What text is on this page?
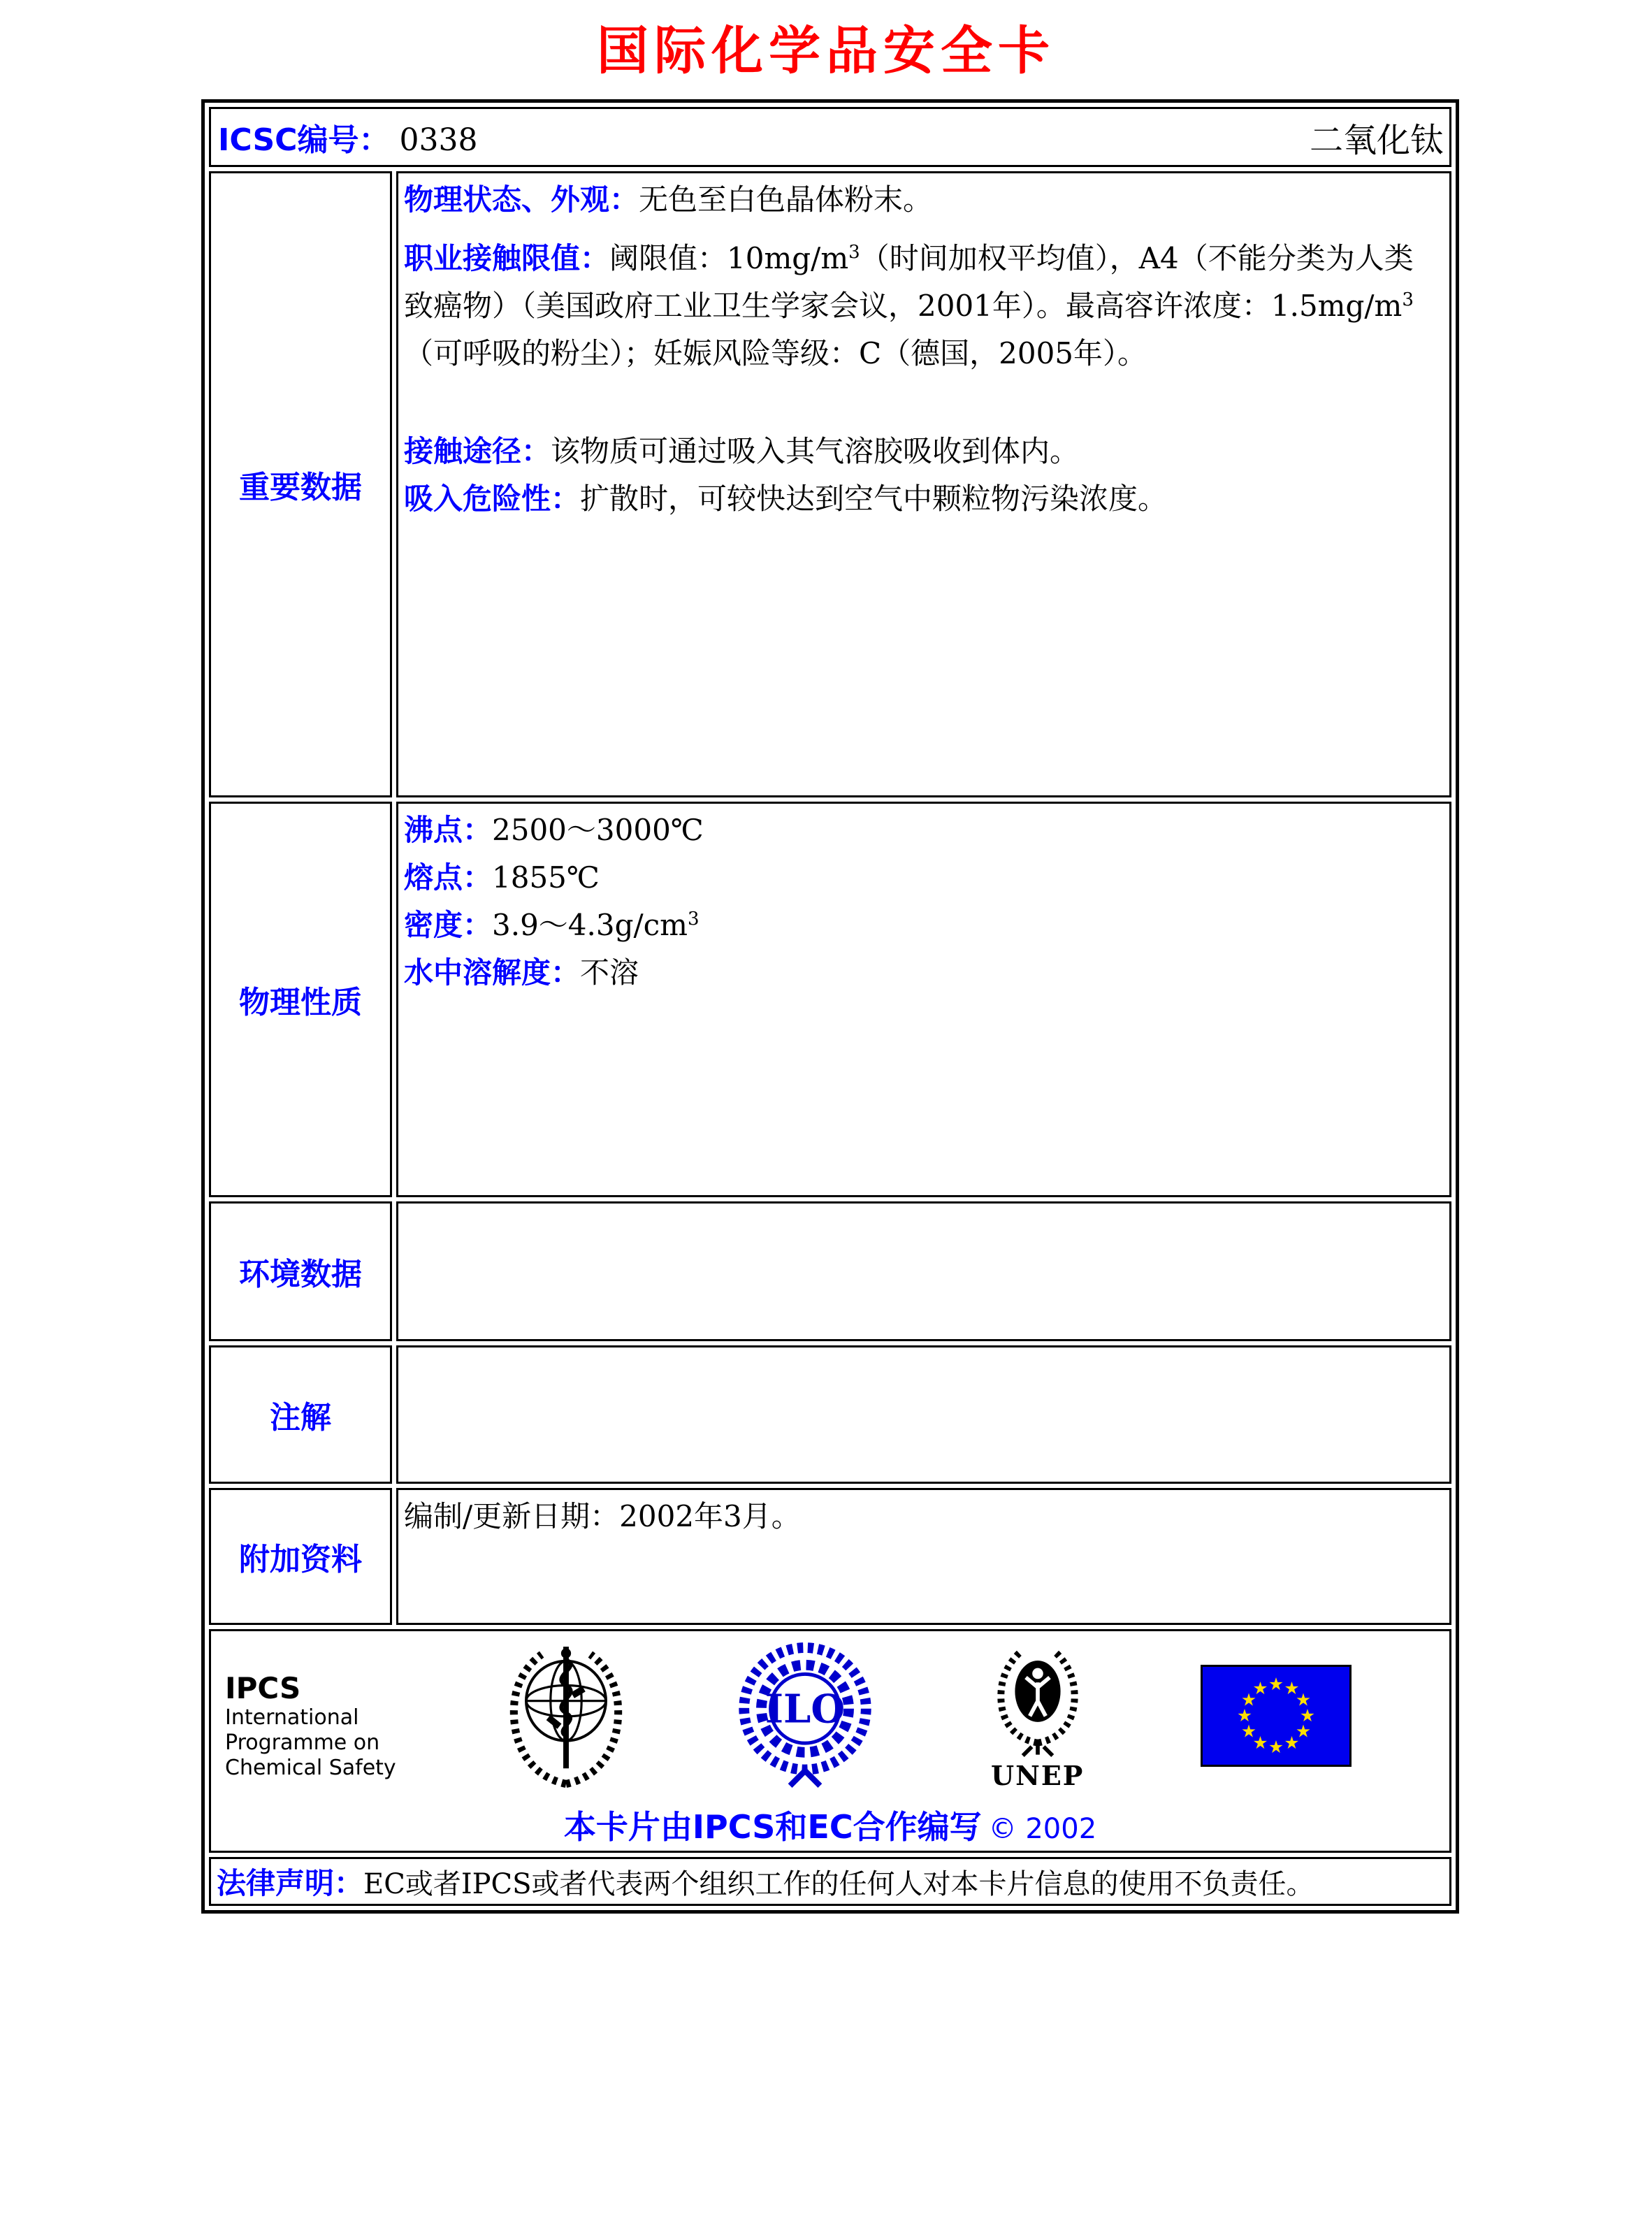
国际化学品安全卡
ICSC编号： 0338 二氧化钛	

重要数据	物理状态、外观：无色至白色晶体粉末。
职业接触限值：阈限值：$10mg/m^3$（时间加权平均值），A4（不能分类为人类致癌物）（美国政府工业卫生学家会议，2001年）。最高容许浓度：$1.5mg/m^3$（可呼吸的粉尘）；妊娠风险等级：C（德国，2005年）。
接触途径：该物质可通过吸入其气溶胶吸收到体内。
吸入危险性：扩散时，可较快达到空气中颗粒物污染浓度。

物理性质	沸点：2500～3000℃
熔点：1855℃
密度：$3.9\sim 4.3g/cm^3$
水中溶解度：不溶

环境数据	
注解	
附加资料	编制/更新日期：2002年3月。

IPCS
International
Programme on
Chemical Safety
ILO
UNEP
本卡片由IPCS和EC合作编写 © 2002

法律声明： EC或者IPCS或者代表两个组织工作的任何人对本卡片信息的使用不负责任。	
